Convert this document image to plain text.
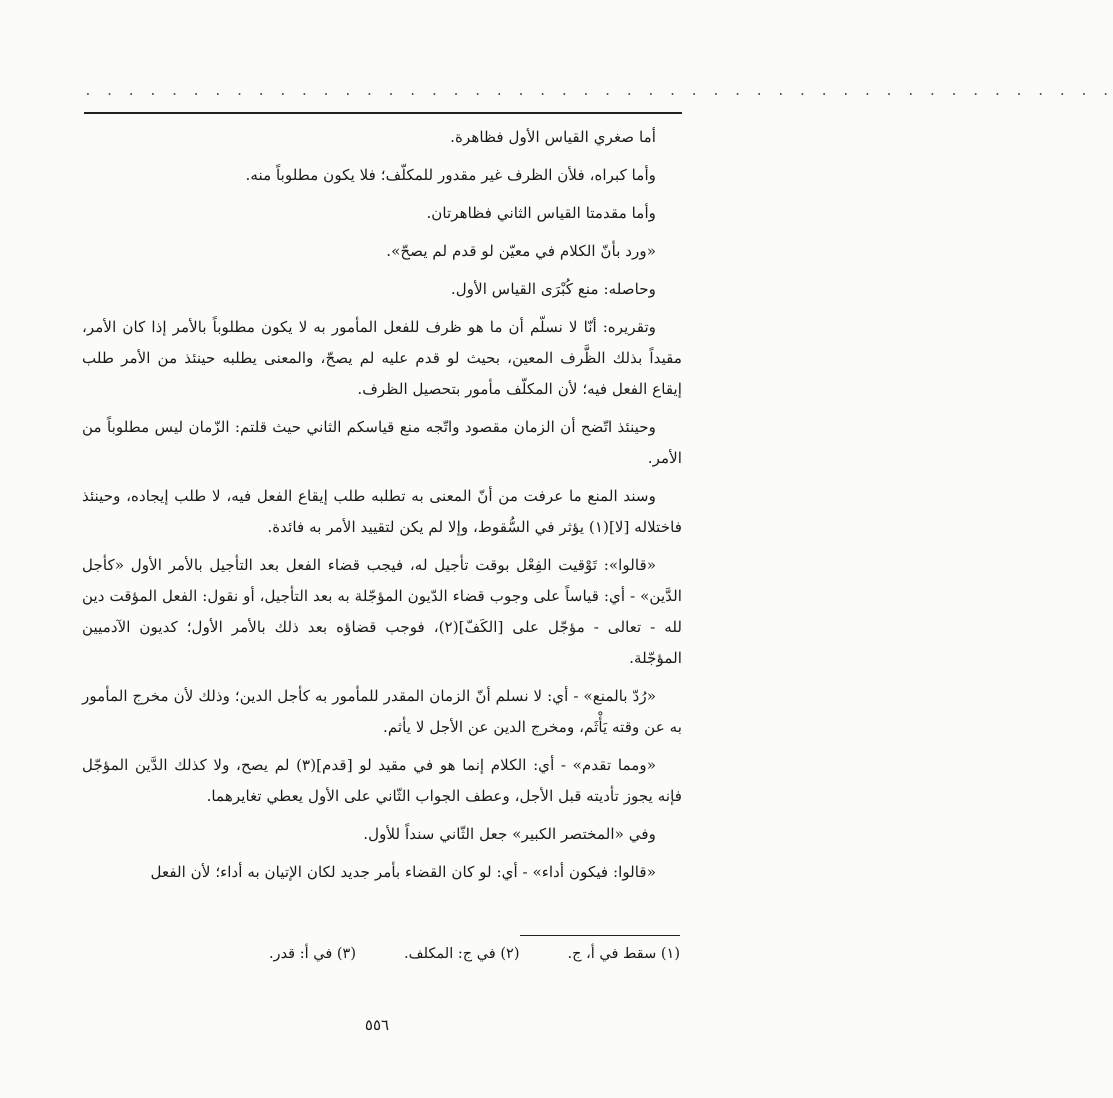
. . . . . . . . . . . . . . . . . . . . . . . . . . . . . . . . . . . . . . . . . . . . . . . .

أما صغري القياس الأول فظاهرة.

وأما كبراه، فلأن الظرف غير مقدور للمكلّف؛ فلا يكون مطلوباً منه.

وأما مقدمتا القياس الثاني فظاهرتان.

«ورد بأنّ الكلام في معيّن لو قدم لم يصحّ».

وحاصله: منع كُبْرَى القياس الأول.

وتقريره: أنّا لا نسلّم أن ما هو ظرف للفعل المأمور به لا يكون مطلوباً بالأمر إذا كان الأمر، مقيداً بذلك الظَّرف المعين، بحيث لو قدم عليه لم يصحّ، والمعنى يطلبه حينئذ من الأمر طلب إيقاع الفعل فيه؛ لأن المكلّف مأمور بتحصيل الظرف.

وحينئذ اتّضح أن الزمان مقصود واتّجه منع قياسكم الثاني حيث قلتم: الزّمان ليس مطلوباً من الأمر.

وسند المنع ما عرفت من أنّ المعنى به تطلبه طلب إيقاع الفعل فيه، لا طلب إيجاده، وحينئذ فاختلاله [لا](١) يؤثر في السُّقوط، وإلا لم يكن لتقييد الأمر به فائدة.

«قالوا»: تَوْقيت الفِعْل بوقت تأجيل له، فيجب قضاء الفعل بعد التأجيل بالأمر الأول «كأجل الدَّين» - أي: قياساً على وجوب قضاء الدّيون المؤجّلة به بعد التأجيل، أو نقول: الفعل المؤقت دين لله - تعالى - مؤجّل على [الكَفّ](٢)، فوجب قضاؤه بعد ذلك بالأمر الأول؛ كديون الآدميين المؤجّلة.

«رُدّ بالمنع» - أي: لا نسلم أنّ الزمان المقدر للمأمور به كأجل الدين؛ وذلك لأن مخرج المأمور به عن وقته يَأْثَم، ومخرج الدين عن الأجل لا يأثم.

«ومما تقدم» - أي: الكلام إنما هو في مقيد لو [قدم](٣) لم يصح، ولا كذلك الدَّين المؤجّل فإنه يجوز تأديته قبل الأجل، وعطف الجواب الثّاني على الأول يعطي تغايرهما.

وفي «المختصر الكبير» جعل الثّاني سنداً للأول.

«قالوا: فيكون أداء» - أي: لو كان القضاء بأمر جديد لكان الإتيان به أداء؛ لأن الفعل

(١) سقط في أ، ج.
(٢) في ج: المكلف.
(٣) في أ: قدر.
٥٥٦
